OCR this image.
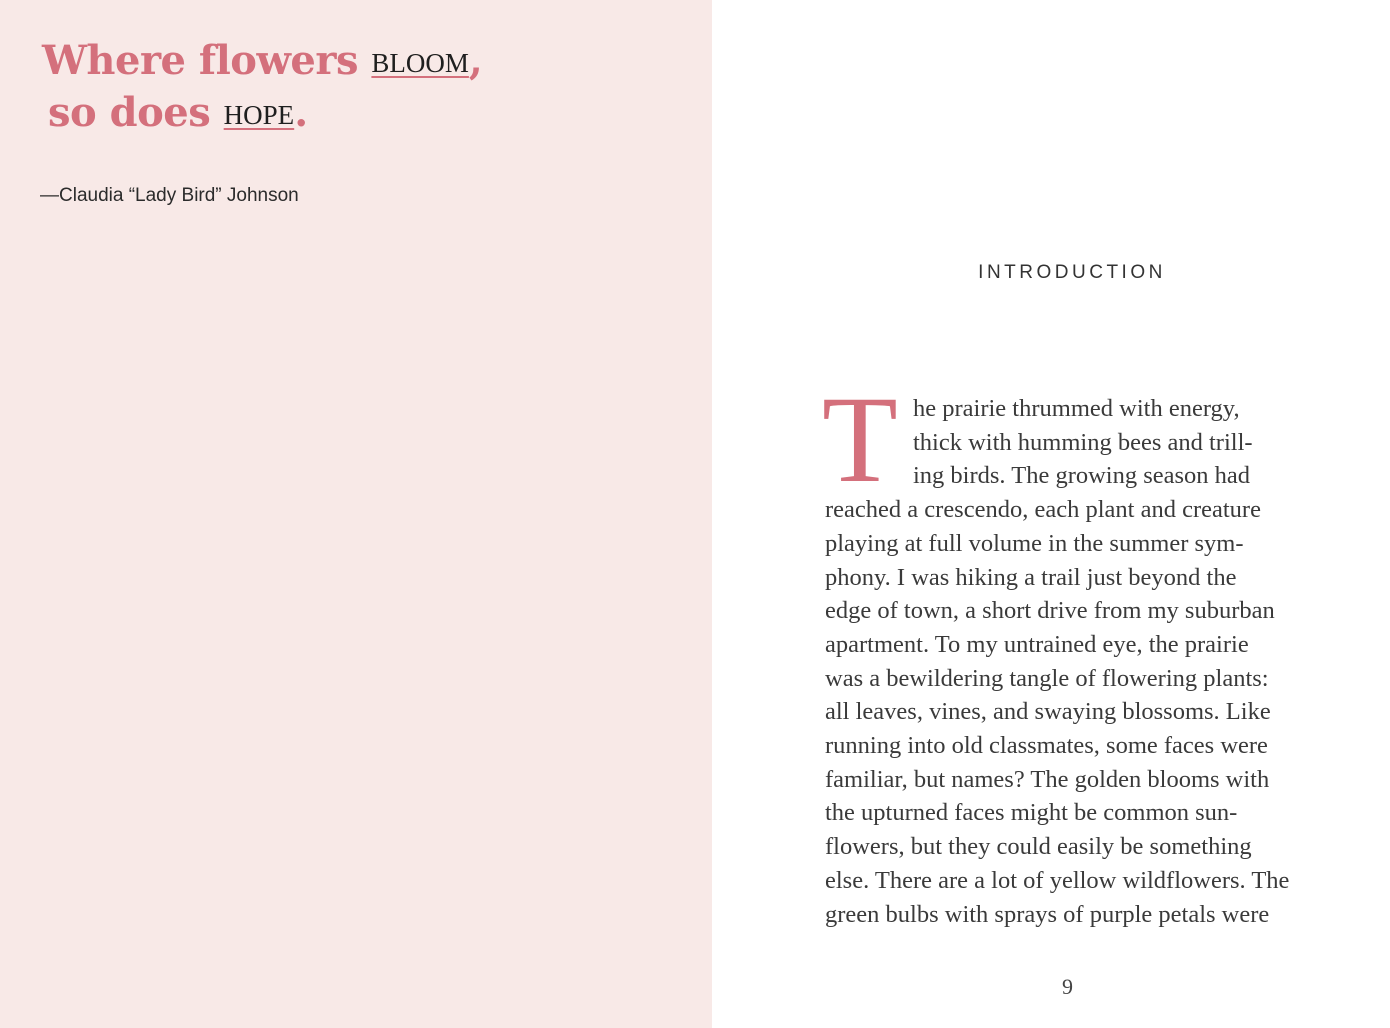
Where flowers BLOOM,
so does HOPE.
—Claudia “Lady Bird” Johnson
INTRODUCTION
T he prairie thrummed with energy,
thick with humming bees and trill-
ing birds. The growing season had
reached a crescendo, each plant and creature
playing at full volume in the summer sym-
phony. I was hiking a trail just beyond the
edge of town, a short drive from my suburban
apartment. To my untrained eye, the prairie
was a bewildering tangle of flowering plants:
all leaves, vines, and swaying blossoms. Like
running into old classmates, some faces were
familiar, but names? The golden blooms with
the upturned faces might be common sun-
flowers, but they could easily be something
else. There are a lot of yellow wildflowers. The
green bulbs with sprays of purple petals were
9
